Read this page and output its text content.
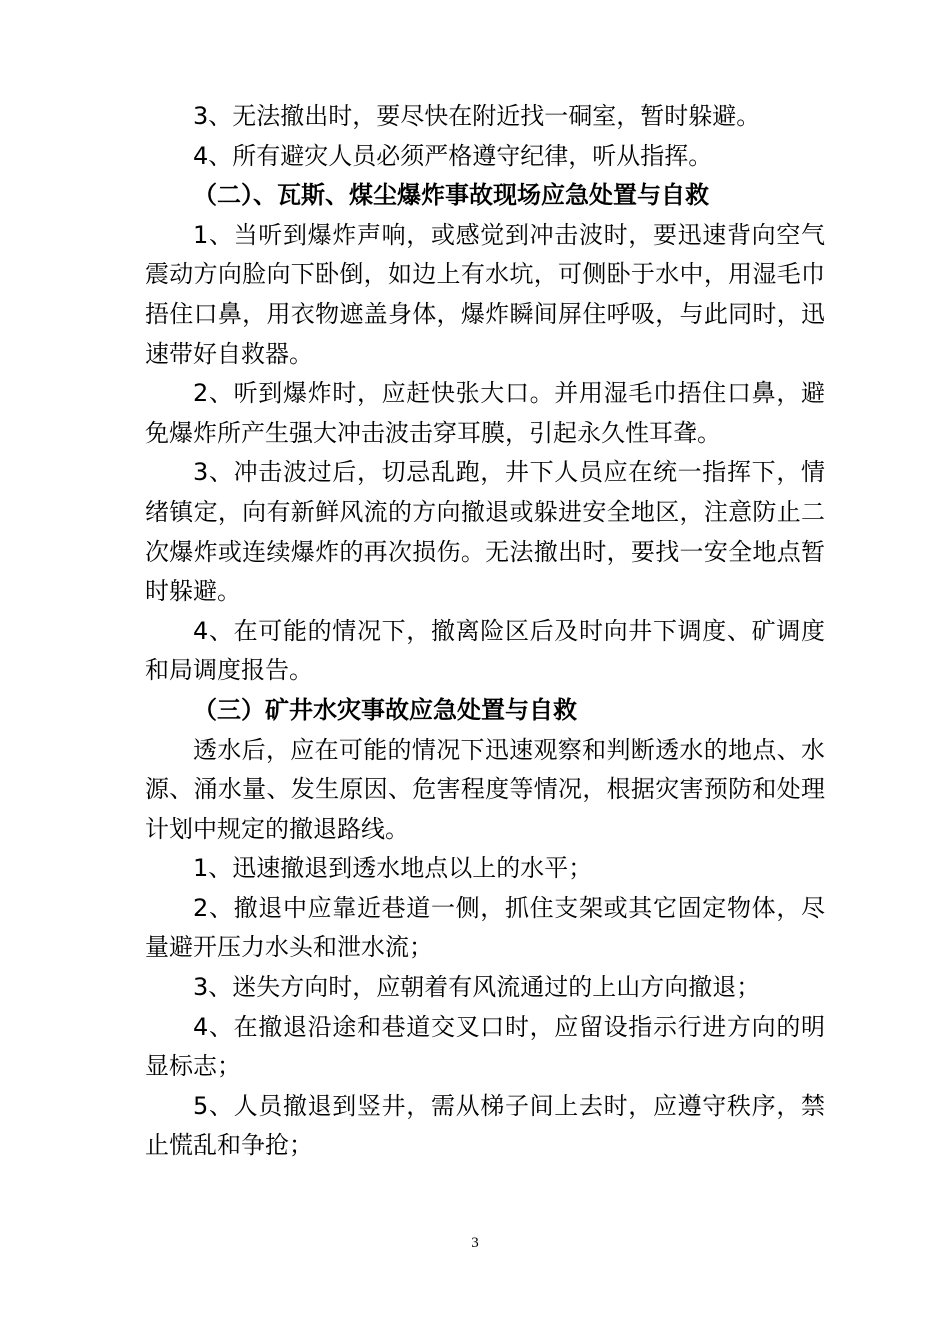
3、无法撤出时，要尽快在附近找一硐室，暂时躲避。

4、所有避灾人员必须严格遵守纪律，听从指挥。

（二）、瓦斯、煤尘爆炸事故现场应急处置与自救

1、当听到爆炸声响，或感觉到冲击波时，要迅速背向空气震动方向脸向下卧倒，如边上有水坑，可侧卧于水中，用湿毛巾捂住口鼻，用衣物遮盖身体，爆炸瞬间屏住呼吸，与此同时，迅速带好自救器。

2、听到爆炸时，应赶快张大口。并用湿毛巾捂住口鼻，避免爆炸所产生强大冲击波击穿耳膜，引起永久性耳聋。

3、冲击波过后，切忌乱跑，井下人员应在统一指挥下，情绪镇定，向有新鲜风流的方向撤退或躲进安全地区，注意防止二次爆炸或连续爆炸的再次损伤。无法撤出时，要找一安全地点暂时躲避。

4、在可能的情况下，撤离险区后及时向井下调度、矿调度和局调度报告。

（三）矿井水灾事故应急处置与自救

透水后，应在可能的情况下迅速观察和判断透水的地点、水源、涌水量、发生原因、危害程度等情况，根据灾害预防和处理计划中规定的撤退路线。

1、迅速撤退到透水地点以上的水平；

2、撤退中应靠近巷道一侧，抓住支架或其它固定物体，尽量避开压力水头和泄水流；

3、迷失方向时，应朝着有风流通过的上山方向撤退；

4、在撤退沿途和巷道交叉口时，应留设指示行进方向的明显标志；

5、人员撤退到竖井，需从梯子间上去时，应遵守秩序，禁止慌乱和争抢；

3
